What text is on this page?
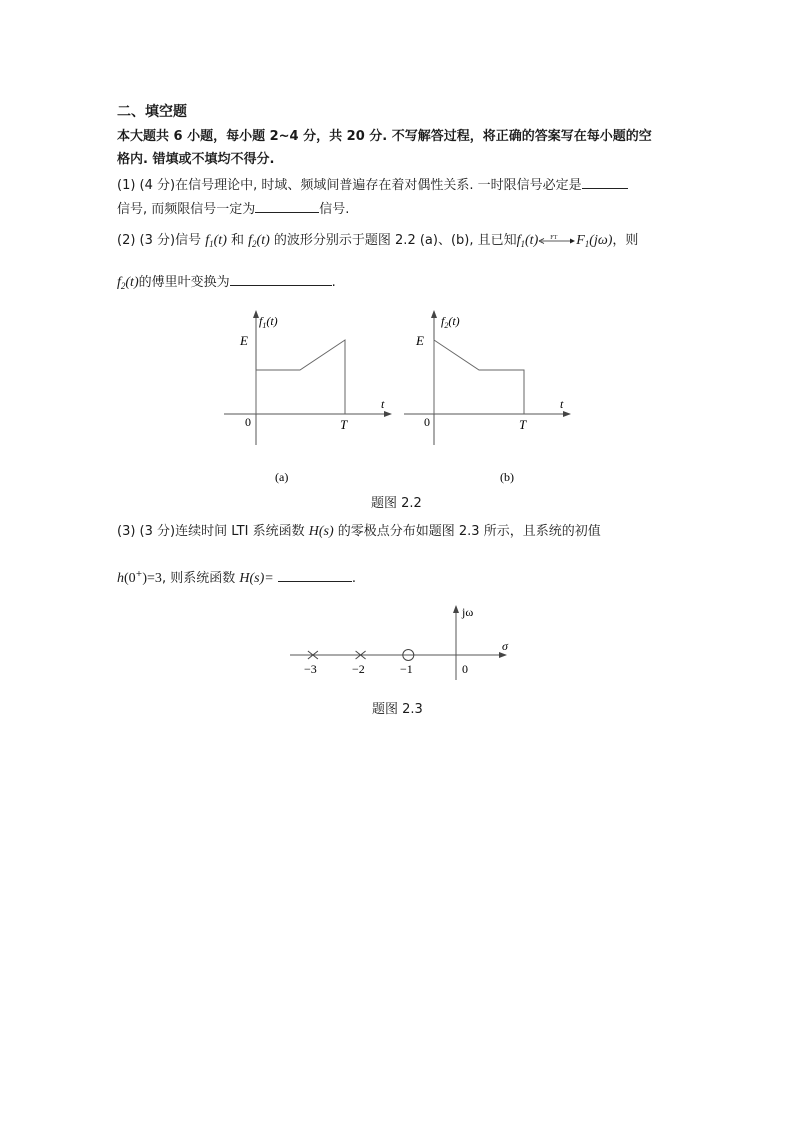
二、填空题
本大题共 6 小题，每小题 2~4 分，共 20 分. 不写解答过程，将正确的答案写在每小题的空
格内. 错填或不填均不得分.
(1) (4 分)在信号理论中, 时域、频域间普遍存在着对偶性关系. 一时限信号必定是
信号, 而频限信号一定为	信号.
(2) (3 分)信号 $f_1(t)$ 和 $f_2(t)$ 的波形分别示于题图 2.2 (a)、(b), 且已知$f_1(t)$ FT $F_1(j\omega)$，则
$f_2(t)$的傅里叶变换为	.
$f_1(t)$
E
0	T
t
(a)
$f_2(t)$
E
0	T
t
(b)
题图 2.2
(3) (3 分)连续时间 LTI 系统函数 H(s) 的零极点分布如题图 2.3 所示，且系统的初值
h(0+)=3, 则系统函数 H(s)=	.
jω
σ
−3	−2	−1	0
题图 2.3
